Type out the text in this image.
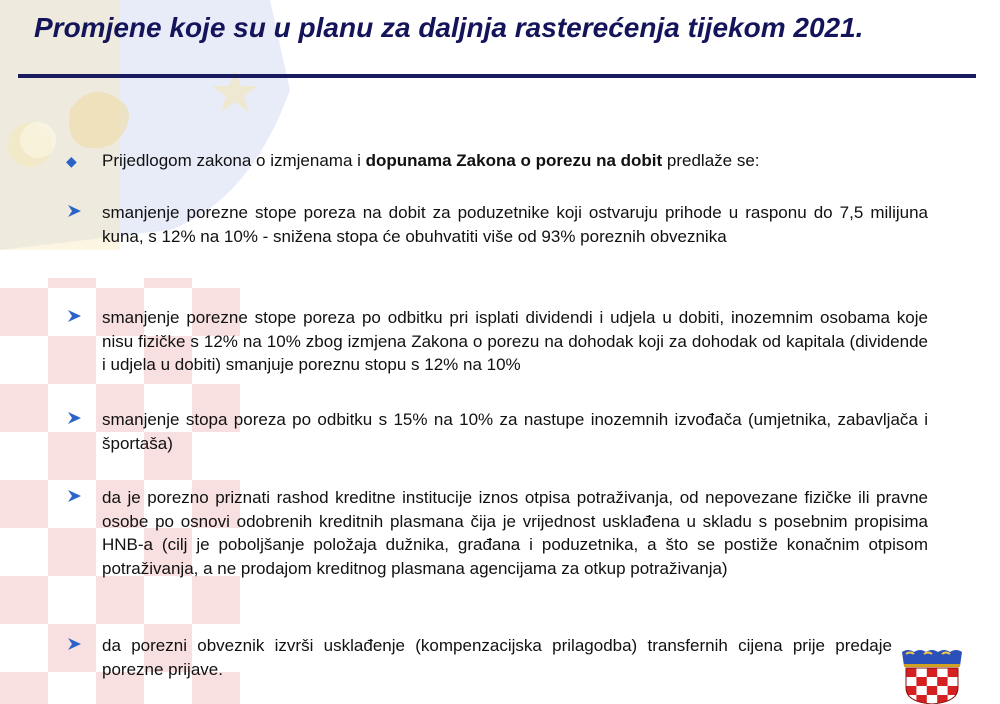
Promjene koje su u planu za daljnja rasterećenja tijekom 2021.
◆ Prijedlogom zakona o izmjenama i dopunama Zakona o porezu na dobit predlaže se:
smanjenje porezne stope poreza na dobit za poduzetnike koji ostvaruju prihode u rasponu do 7,5 milijuna kuna, s 12% na 10% - snižena stopa će obuhvatiti više od 93% poreznih obveznika
smanjenje porezne stope poreza po odbitku pri isplati dividendi i udjela u dobiti, inozemnim osobama koje nisu fizičke s 12% na 10% zbog izmjena Zakona o porezu na dohodak koji za dohodak od kapitala (dividende i udjela u dobiti) smanjuje poreznu stopu s 12% na 10%
smanjenje stopa poreza po odbitku s 15% na 10% za nastupe inozemnih izvođača (umjetnika, zabavljača i športaša)
da je porezno priznati rashod kreditne institucije iznos otpisa potraživanja, od nepovezane fizičke ili pravne osobe po osnovi odobrenih kreditnih plasmana čija je vrijednost usklađena u skladu s posebnim propisima HNB-a (cilj je poboljšanje položaja dužnika, građana i poduzetnika, a što se postiže konačnim otpisom potraživanja, a ne prodajom kreditnog plasmana agencijama za otkup potraživanja)
da porezni obveznik izvrši usklađenje (kompenzacijska prilagodba) transfernih cijena prije predaje porezne prijave.
